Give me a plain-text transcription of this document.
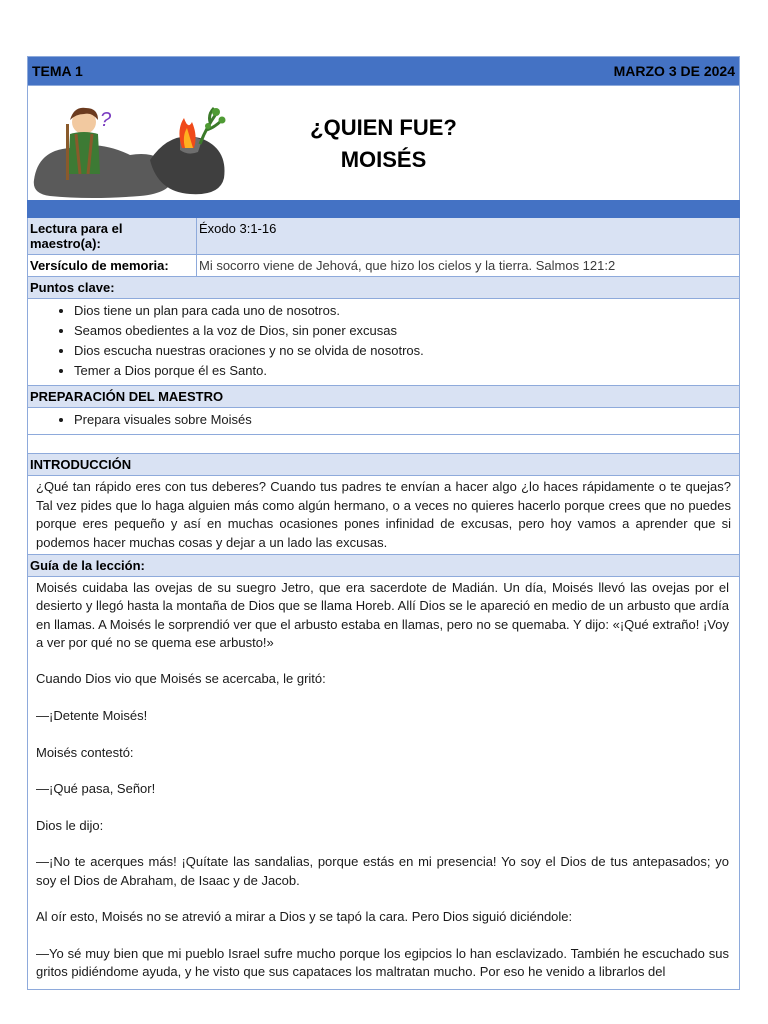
TEMA 1	MARZO 3 DE 2024
?	¿QUIEN FUE?
MOISÉS
Lectura para el maestro(a):
Éxodo 3:1-16
Versículo de memoria:	Mi socorro viene de Jehová, que hizo los cielos y la tierra. Salmos 121:2
Puntos clave:
• Dios tiene un plan para cada uno de nosotros.
• Seamos obedientes a la voz de Dios, sin poner excusas
• Dios escucha nuestras oraciones y no se olvida de nosotros.
• Temer a Dios porque él es Santo.
PREPARACIÓN DEL MAESTRO
• Prepara visuales sobre Moisés
INTRODUCCIÓN
¿Qué tan rápido eres con tus deberes? Cuando tus padres te envían a hacer algo ¿lo haces rápidamente o te quejas? Tal vez pides que lo haga alguien más como algún hermano, o a veces no quieres hacerlo porque crees que no puedes porque eres pequeño y así en muchas ocasiones pones infinidad de excusas, pero hoy vamos a aprender que si podemos hacer muchas cosas y dejar a un lado las excusas.
Guía de la lección:

Moisés cuidaba las ovejas de su suegro Jetro, que era sacerdote de Madián. Un día, Moisés llevó las ovejas por el desierto y llegó hasta la montaña de Dios que se llama Horeb. Allí Dios se le apareció en medio de un arbusto que ardía en llamas. A Moisés le sorprendió ver que el arbusto estaba en llamas, pero no se quemaba. Y dijo: «¡Qué extraño! ¡Voy a ver por qué no se quema ese arbusto!»

Cuando Dios vio que Moisés se acercaba, le gritó:

—¡Detente Moisés!

Moisés contestó:

—¡Qué pasa, Señor!

Dios le dijo:

—¡No te acerques más! ¡Quítate las sandalias, porque estás en mi presencia! Yo soy el Dios de tus antepasados; yo soy el Dios de Abraham, de Isaac y de Jacob.

Al oír esto, Moisés no se atrevió a mirar a Dios y se tapó la cara. Pero Dios siguió diciéndole:

—Yo sé muy bien que mi pueblo Israel sufre mucho porque los egipcios lo han esclavizado. También he escuchado sus gritos pidiéndome ayuda, y he visto que sus capataces los maltratan mucho. Por eso he venido a librarlos del
